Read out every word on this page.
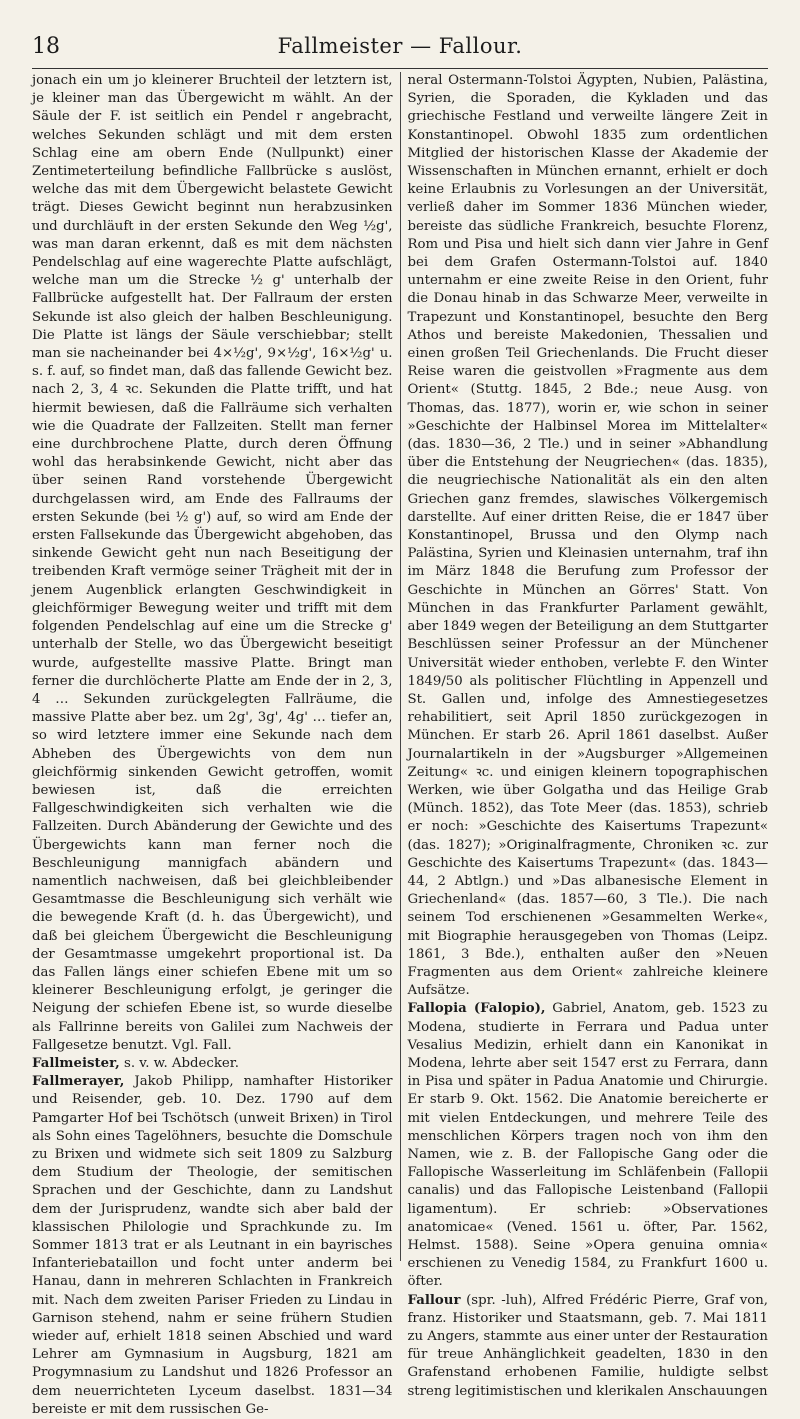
18	Fallmeister — Fallour.

jonach ein um jo kleinerer Bruchteil der letztern ist, je kleiner man das Übergewicht m wählt. An der Säule der F. ist seitlich ein Pendel r angebracht, welches Sekunden schlägt und mit dem ersten Schlag eine am obern Ende (Nullpunkt) einer Zentimeterteilung befindliche Fallbrücke s auslöst, welche das mit dem Übergewicht belastete Gewicht trägt. Dieses Gewicht beginnt nun herabzusinken und durchläuft in der ersten Sekunde den Weg ½g', was man daran erkennt, daß es mit dem nächsten Pendelschlag auf eine wagerechte Platte aufschlägt, welche man um die Strecke ½ g' unterhalb der Fallbrücke aufgestellt hat. Der Fallraum der ersten Sekunde ist also gleich der halben Beschleunigung. Die Platte ist längs der Säule verschiebbar; stellt man sie nacheinander bei 4×½g', 9×½g', 16×½g' u. s. f. auf, so findet man, daß das fallende Gewicht bez. nach 2, 3, 4 ꝛc. Sekunden die Platte trifft, und hat hiermit bewiesen, daß die Fallräume sich verhalten wie die Quadrate der Fallzeiten. Stellt man ferner eine durchbrochene Platte, durch deren Öffnung wohl das herabsinkende Gewicht, nicht aber das über seinen Rand vorstehende Übergewicht durchgelassen wird, am Ende des Fallraums der ersten Sekunde (bei ½ g') auf, so wird am Ende der ersten Fallsekunde das Übergewicht abgehoben, das sinkende Gewicht geht nun nach Beseitigung der treibenden Kraft vermöge seiner Trägheit mit der in jenem Augenblick erlangten Geschwindigkeit in gleichförmiger Bewegung weiter und trifft mit dem folgenden Pendelschlag auf eine um die Strecke g' unterhalb der Stelle, wo das Übergewicht beseitigt wurde, aufgestellte massive Platte. Bringt man ferner die durchlöcherte Platte am Ende der in 2, 3, 4 … Sekunden zurückgelegten Fallräume, die massive Platte aber bez. um 2g', 3g', 4g' … tiefer an, so wird letztere immer eine Sekunde nach dem Abheben des Übergewichts von dem nun gleichförmig sinkenden Gewicht getroffen, womit bewiesen ist, daß die erreichten Fallgeschwindigkeiten sich verhalten wie die Fallzeiten. Durch Abänderung der Gewichte und des Übergewichts kann man ferner noch die Beschleunigung mannigfach abändern und namentlich nachweisen, daß bei gleichbleibender Gesamtmasse die Beschleunigung sich verhält wie die bewegende Kraft (d. h. das Übergewicht), und daß bei gleichem Übergewicht die Beschleunigung der Gesamtmasse umgekehrt proportional ist. Da das Fallen längs einer schiefen Ebene mit um so kleinerer Beschleunigung erfolgt, je geringer die Neigung der schiefen Ebene ist, so wurde dieselbe als Fallrinne bereits von Galilei zum Nachweis der Fallgesetze benutzt. Vgl. Fall.

Fallmeister, s. v. w. Abdecker.

Fallmerayer, Jakob Philipp, namhafter Historiker und Reisender, geb. 10. Dez. 1790 auf dem Pamgarter Hof bei Tschötsch (unweit Brixen) in Tirol als Sohn eines Tagelöhners, besuchte die Domschule zu Brixen und widmete sich seit 1809 zu Salzburg dem Studium der Theologie, der semitischen Sprachen und der Geschichte, dann zu Landshut dem der Jurisprudenz, wandte sich aber bald der klassischen Philologie und Sprachkunde zu. Im Sommer 1813 trat er als Leutnant in ein bayrisches Infanteriebataillon und focht unter anderm bei Hanau, dann in mehreren Schlachten in Frankreich mit. Nach dem zweiten Pariser Frieden zu Lindau in Garnison stehend, nahm er seine frühern Studien wieder auf, erhielt 1818 seinen Abschied und ward Lehrer am Gymnasium in Augsburg, 1821 am Progymnasium zu Landshut und 1826 Professor an dem neuerrichteten Lyceum daselbst. 1831—34 bereiste er mit dem russischen Ge-

neral Ostermann-Tolstoi Ägypten, Nubien, Palästina, Syrien, die Sporaden, die Kykladen und das griechische Festland und verweilte längere Zeit in Konstantinopel. Obwohl 1835 zum ordentlichen Mitglied der historischen Klasse der Akademie der Wissenschaften in München ernannt, erhielt er doch keine Erlaubnis zu Vorlesungen an der Universität, verließ daher im Sommer 1836 München wieder, bereiste das südliche Frankreich, besuchte Florenz, Rom und Pisa und hielt sich dann vier Jahre in Genf bei dem Grafen Ostermann-Tolstoi auf. 1840 unternahm er eine zweite Reise in den Orient, fuhr die Donau hinab in das Schwarze Meer, verweilte in Trapezunt und Konstantinopel, besuchte den Berg Athos und bereiste Makedonien, Thessalien und einen großen Teil Griechenlands. Die Frucht dieser Reise waren die geistvollen »Fragmente aus dem Orient« (Stuttg. 1845, 2 Bde.; neue Ausg. von Thomas, das. 1877), worin er, wie schon in seiner »Geschichte der Halbinsel Morea im Mittelalter« (das. 1830—36, 2 Tle.) und in seiner »Abhandlung über die Entstehung der Neugriechen« (das. 1835), die neugriechische Nationalität als ein den alten Griechen ganz fremdes, slawisches Völkergemisch darstellte. Auf einer dritten Reise, die er 1847 über Konstantinopel, Brussa und den Olymp nach Palästina, Syrien und Kleinasien unternahm, traf ihn im März 1848 die Berufung zum Professor der Geschichte in München an Görres' Statt. Von München in das Frankfurter Parlament gewählt, aber 1849 wegen der Beteiligung an dem Stuttgarter Beschlüssen seiner Professur an der Münchener Universität wieder enthoben, verlebte F. den Winter 1849/50 als politischer Flüchtling in Appenzell und St. Gallen und, infolge des Amnestiegesetzes rehabilitiert, seit April 1850 zurückgezogen in München. Er starb 26. April 1861 daselbst. Außer Journalartikeln in der »Augsburger »Allgemeinen Zeitung« ꝛc. und einigen kleinern topographischen Werken, wie über Golgatha und das Heilige Grab (Münch. 1852), das Tote Meer (das. 1853), schrieb er noch: »Geschichte des Kaisertums Trapezunt« (das. 1827); »Originalfragmente, Chroniken ꝛc. zur Geschichte des Kaisertums Trapezunt« (das. 1843—44, 2 Abtlgn.) und »Das albanesische Element in Griechenland« (das. 1857—60, 3 Tle.). Die nach seinem Tod erschienenen »Gesammelten Werke«, mit Biographie herausgegeben von Thomas (Leipz. 1861, 3 Bde.), enthalten außer den »Neuen Fragmenten aus dem Orient« zahlreiche kleinere Aufsätze.

Fallopia (Falopio), Gabriel, Anatom, geb. 1523 zu Modena, studierte in Ferrara und Padua unter Vesalius Medizin, erhielt dann ein Kanonikat in Modena, lehrte aber seit 1547 erst zu Ferrara, dann in Pisa und später in Padua Anatomie und Chirurgie. Er starb 9. Okt. 1562. Die Anatomie bereicherte er mit vielen Entdeckungen, und mehrere Teile des menschlichen Körpers tragen noch von ihm den Namen, wie z. B. der Fallopische Gang oder die Fallopische Wasserleitung im Schläfenbein (Fallopii canalis) und das Fallopische Leistenband (Fallopii ligamentum). Er schrieb: »Observationes anatomicae« (Vened. 1561 u. öfter, Par. 1562, Helmst. 1588). Seine »Opera genuina omnia« erschienen zu Venedig 1584, zu Frankfurt 1600 u. öfter.

Fallour (spr. -luh), Alfred Frédéric Pierre, Graf von, franz. Historiker und Staatsmann, geb. 7. Mai 1811 zu Angers, stammte aus einer unter der Restauration für treue Anhänglichkeit geadelten, 1830 in den Grafenstand erhobenen Familie, huldigte selbst streng legitimistischen und klerikalen Anschauungen
